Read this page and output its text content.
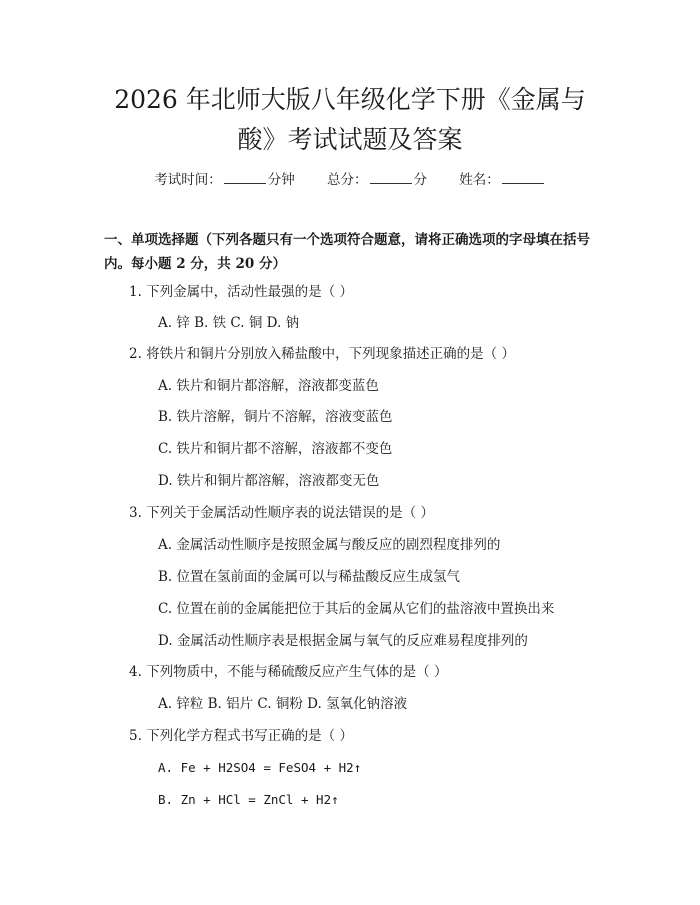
2026 年北师大版八年级化学下册《金属与
酸》考试试题及答案
考试时间：	分钟 总分：	分 姓名：

一、单项选择题（下列各题只有一个选项符合题意，请将正确选项的字母填在括号内。每小题 2 分，共 20 分）

1. 下列金属中，活动性最强的是（ ）
A. 锌 B. 铁 C. 铜 D. 钠
2. 将铁片和铜片分别放入稀盐酸中，下列现象描述正确的是（ ）
A. 铁片和铜片都溶解，溶液都变蓝色
B. 铁片溶解，铜片不溶解，溶液变蓝色
C. 铁片和铜片都不溶解，溶液都不变色
D. 铁片和铜片都溶解，溶液都变无色
3. 下列关于金属活动性顺序表的说法错误的是（ ）
A. 金属活动性顺序是按照金属与酸反应的剧烈程度排列的
B. 位置在氢前面的金属可以与稀盐酸反应生成氢气
C. 位置在前的金属能把位于其后的金属从它们的盐溶液中置换出来
D. 金属活动性顺序表是根据金属与氧气的反应难易程度排列的
4. 下列物质中，不能与稀硫酸反应产生气体的是（ ）
A. 锌粒 B. 铝片 C. 铜粉 D. 氢氧化钠溶液
5. 下列化学方程式书写正确的是（ ）
A. Fe + H2SO4 = FeSO4 + H2↑
B. Zn + HCl = ZnCl + H2↑
